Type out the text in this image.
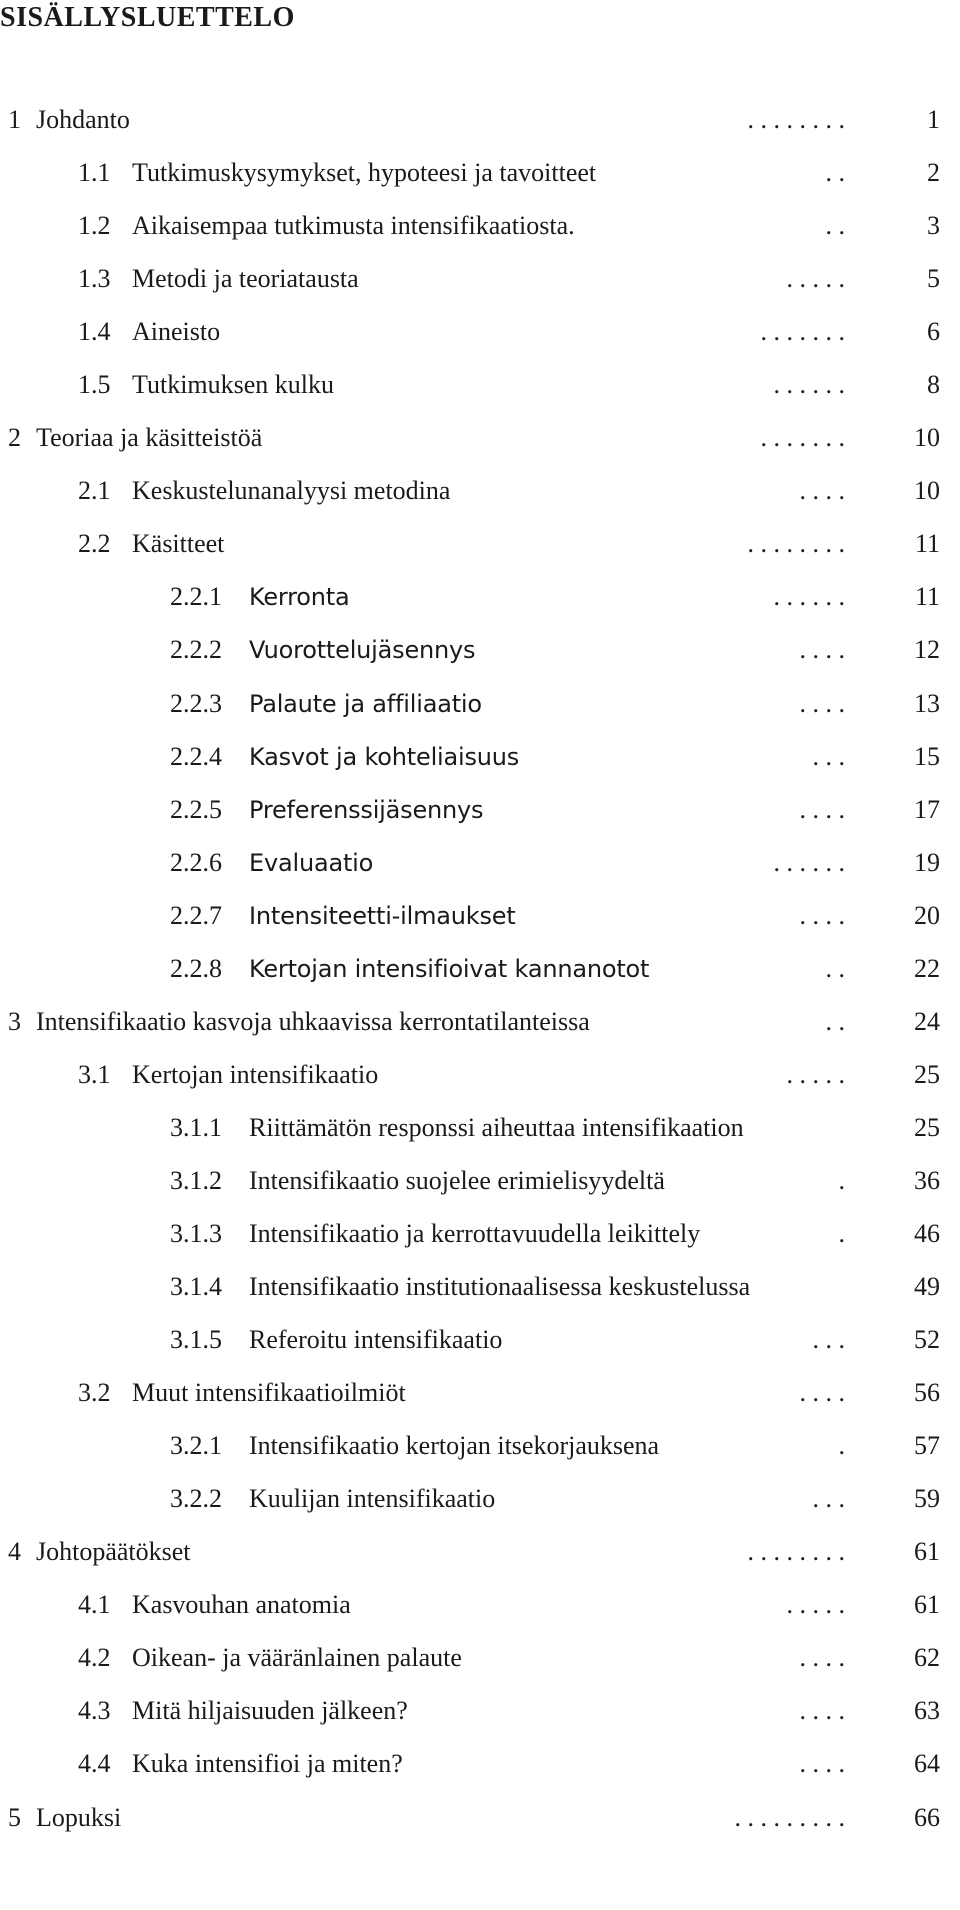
SISÄLLYSLUETTELO
1 Johdanto	. . . . . . . .	1
1.1 Tutkimuskysymykset, hypoteesi ja tavoitteet	. .	2
1.2 Aikaisempaa tutkimusta intensifikaatiosta.	. .	3
1.3 Metodi ja teoriatausta	. . . . .	5
1.4 Aineisto	. . . . . . .	6
1.5 Tutkimuksen kulku	. . . . . .	8
2 Teoriaa ja käsitteistöä	. . . . . . .	10
2.1 Keskustelunanalyysi metodina	. . . .	10
2.2 Käsitteet	. . . . . . . .	11
2.2.1 Kerronta	. . . . . .	11
2.2.2 Vuorottelujäsennys	. . . .	12
2.2.3 Palaute ja affiliaatio	. . . .	13
2.2.4 Kasvot ja kohteliaisuus	. . .	15
2.2.5 Preferenssijäsennys	. . . .	17
2.2.6 Evaluaatio	. . . . . .	19
2.2.7 Intensiteetti-ilmaukset	. . . .	20
2.2.8 Kertojan intensifioivat kannanotot	. .	22
3 Intensifikaatio kasvoja uhkaavissa kerrontatilanteissa	. .	24
3.1 Kertojan intensifikaatio	. . . . .	25
3.1.1 Riittämätön responssi aiheuttaa intensifikaation	25
3.1.2 Intensifikaatio suojelee erimielisyydeltä	.	36
3.1.3 Intensifikaatio ja kerrottavuudella leikittely	.	46
3.1.4 Intensifikaatio institutionaalisessa keskustelussa	49
3.1.5 Referoitu intensifikaatio	. . .	52
3.2 Muut intensifikaatioilmiöt	. . . .	56
3.2.1 Intensifikaatio kertojan itsekorjauksena	.	57
3.2.2 Kuulijan intensifikaatio	. . .	59
4 Johtopäätökset	. . . . . . . .	61
4.1 Kasvouhan anatomia	. . . . .	61
4.2 Oikean- ja vääränlainen palaute	. . . .	62
4.3 Mitä hiljaisuuden jälkeen?	. . . .	63
4.4 Kuka intensifioi ja miten?	. . . .	64
5 Lopuksi	. . . . . . . . .	66
